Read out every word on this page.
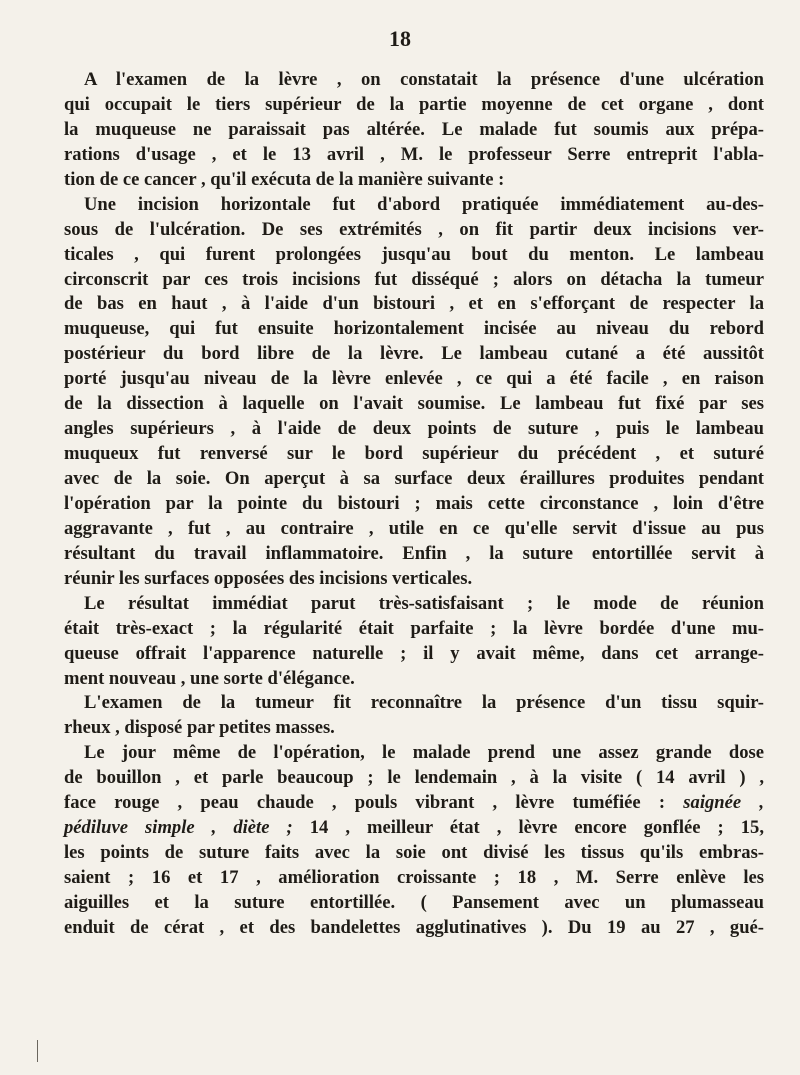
18
A l'examen de la lèvre , on constatait la présence d'une ulcération
qui occupait le tiers supérieur de la partie moyenne de cet organe , dont
la muqueuse ne paraissait pas altérée. Le malade fut soumis aux prépa-
rations d'usage , et le 13 avril , M. le professeur Serre entreprit l'abla-
tion de ce cancer , qu'il exécuta de la manière suivante :
Une incision horizontale fut d'abord pratiquée immédiatement au-des-
sous de l'ulcération. De ses extrémités , on fit partir deux incisions ver-
ticales , qui furent prolongées jusqu'au bout du menton. Le lambeau
circonscrit par ces trois incisions fut disséqué ; alors on détacha la tumeur
de bas en haut , à l'aide d'un bistouri , et en s'efforçant de respecter la
muqueuse, qui fut ensuite horizontalement incisée au niveau du rebord
postérieur du bord libre de la lèvre. Le lambeau cutané a été aussitôt
porté jusqu'au niveau de la lèvre enlevée , ce qui a été facile , en raison
de la dissection à laquelle on l'avait soumise. Le lambeau fut fixé par ses
angles supérieurs , à l'aide de deux points de suture , puis le lambeau
muqueux fut renversé sur le bord supérieur du précédent , et suturé
avec de la soie. On aperçut à sa surface deux éraillures produites pendant
l'opération par la pointe du bistouri ; mais cette circonstance , loin d'être
aggravante , fut , au contraire , utile en ce qu'elle servit d'issue au pus
résultant du travail inflammatoire. Enfin , la suture entortillée servit à
réunir les surfaces opposées des incisions verticales.
Le résultat immédiat parut très-satisfaisant ; le mode de réunion
était très-exact ; la régularité était parfaite ; la lèvre bordée d'une mu-
queuse offrait l'apparence naturelle ; il y avait même, dans cet arrange-
ment nouveau , une sorte d'élégance.
L'examen de la tumeur fit reconnaître la présence d'un tissu squir-
rheux , disposé par petites masses.
Le jour même de l'opération, le malade prend une assez grande dose
de bouillon , et parle beaucoup ; le lendemain , à la visite ( 14 avril ) ,
face rouge , peau chaude , pouls vibrant , lèvre tuméfiée : saignée ,
pédiluve simple , diète ; 14 , meilleur état , lèvre encore gonflée ; 15,
les points de suture faits avec la soie ont divisé les tissus qu'ils embras-
saient ; 16 et 17 , amélioration croissante ; 18 , M. Serre enlève les
aiguilles et la suture entortillée. ( Pansement avec un plumasseau
enduit de cérat , et des bandelettes agglutinatives ). Du 19 au 27 , gué-
